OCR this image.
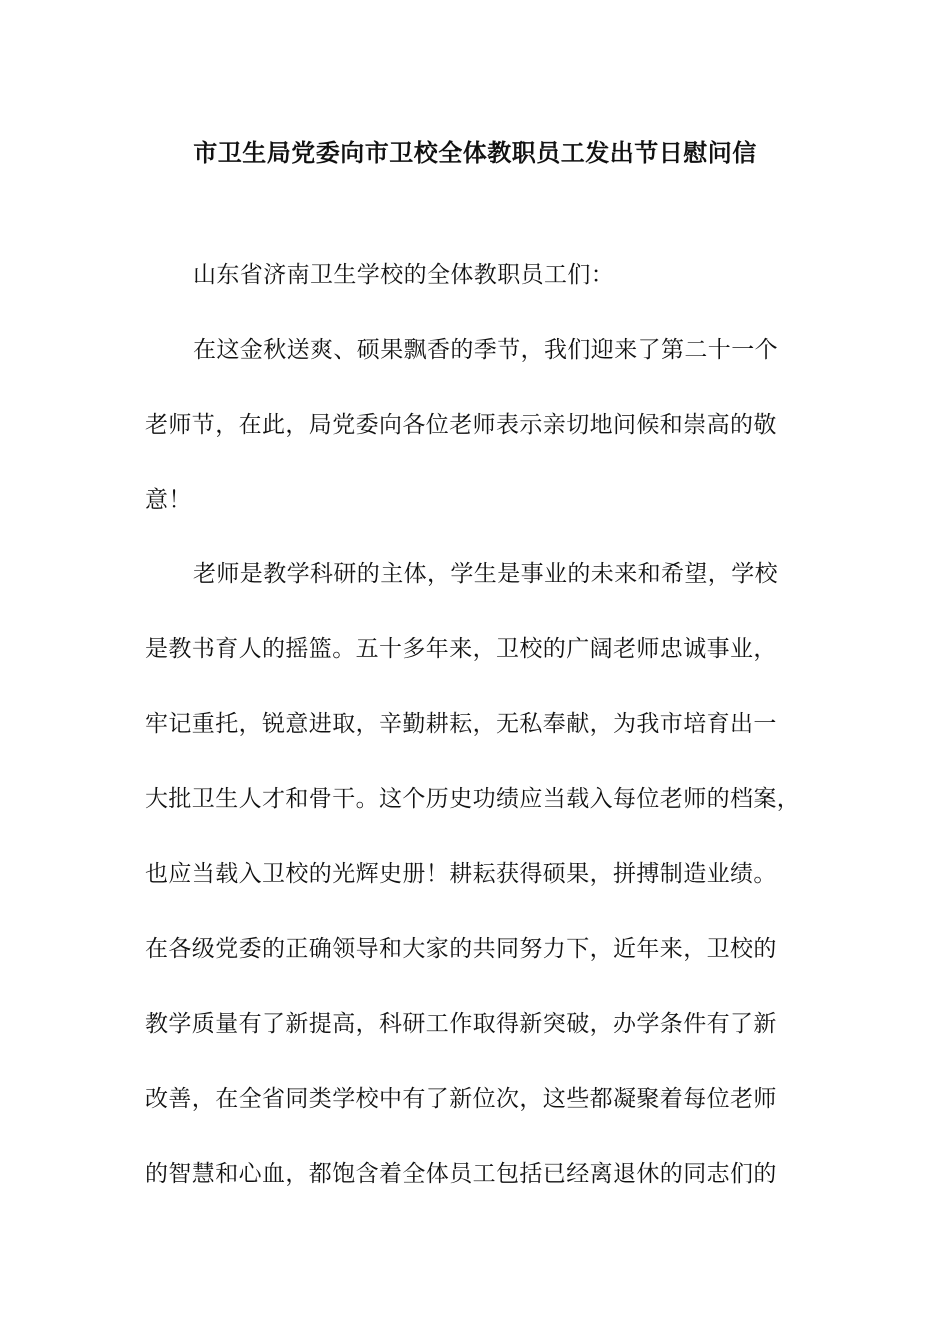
市卫生局党委向市卫校全体教职员工发出节日慰问信
山东省济南卫生学校的全体教职员工们：
在这金秋送爽、硕果飘香的季节，我们迎来了第二十一个
老师节，在此，局党委向各位老师表示亲切地问候和崇高的敬
意！
老师是教学科研的主体，学生是事业的未来和希望，学校
是教书育人的摇篮。五十多年来，卫校的广阔老师忠诚事业，
牢记重托，锐意进取，辛勤耕耘，无私奉献，为我市培育出一
大批卫生人才和骨干。这个历史功绩应当载入每位老师的档案，
也应当载入卫校的光辉史册！耕耘获得硕果，拼搏制造业绩。
在各级党委的正确领导和大家的共同努力下，近年来，卫校的
教学质量有了新提高，科研工作取得新突破，办学条件有了新
改善，在全省同类学校中有了新位次，这些都凝聚着每位老师
的智慧和心血，都饱含着全体员工包括已经离退休的同志们的
